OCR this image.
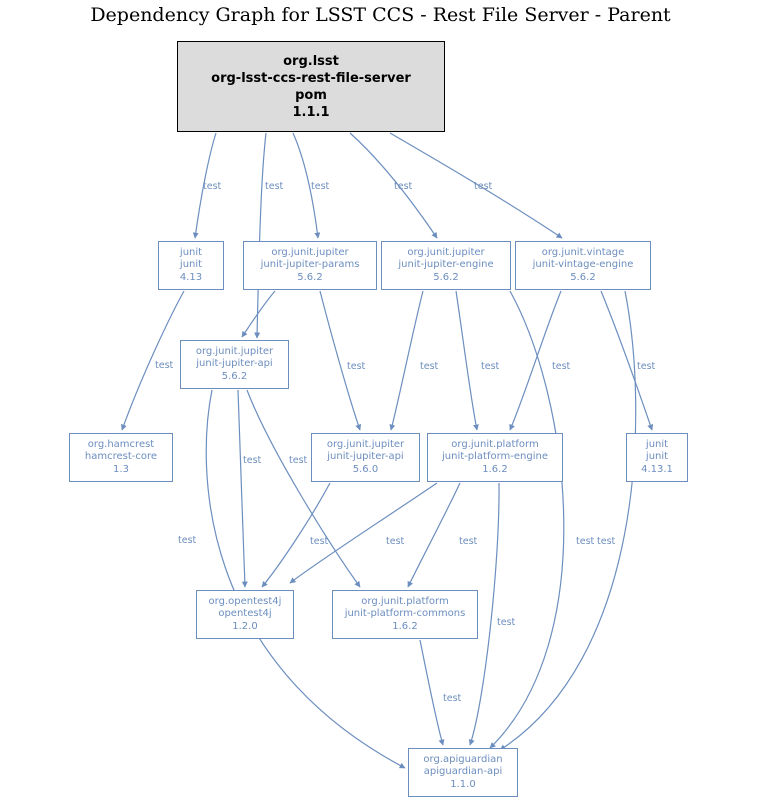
Dependency Graph for LSST CCS - Rest File Server - Parent
org.lsst
org-lsst-ccs-rest-file-server
pom
1.1.1
junit
junit
4.13
org.junit.jupiter
junit-jupiter-params
5.6.2
org.junit.jupiter
junit-jupiter-engine
5.6.2
org.junit.vintage
junit-vintage-engine
5.6.2
org.junit.jupiter
junit-jupiter-api
5.6.2
org.hamcrest
hamcrest-core
1.3
org.junit.jupiter
junit-jupiter-api
5.6.0
org.junit.platform
junit-platform-engine
1.6.2
junit
junit
4.13.1
org.opentest4j
opentest4j
1.2.0
org.junit.platform
junit-platform-commons
1.6.2
org.apiguardian
apiguardian-api
1.1.0
test	test	test	test	test
test
test	test
test
test	test	test	test	test
test	test	test
test
test
test test
